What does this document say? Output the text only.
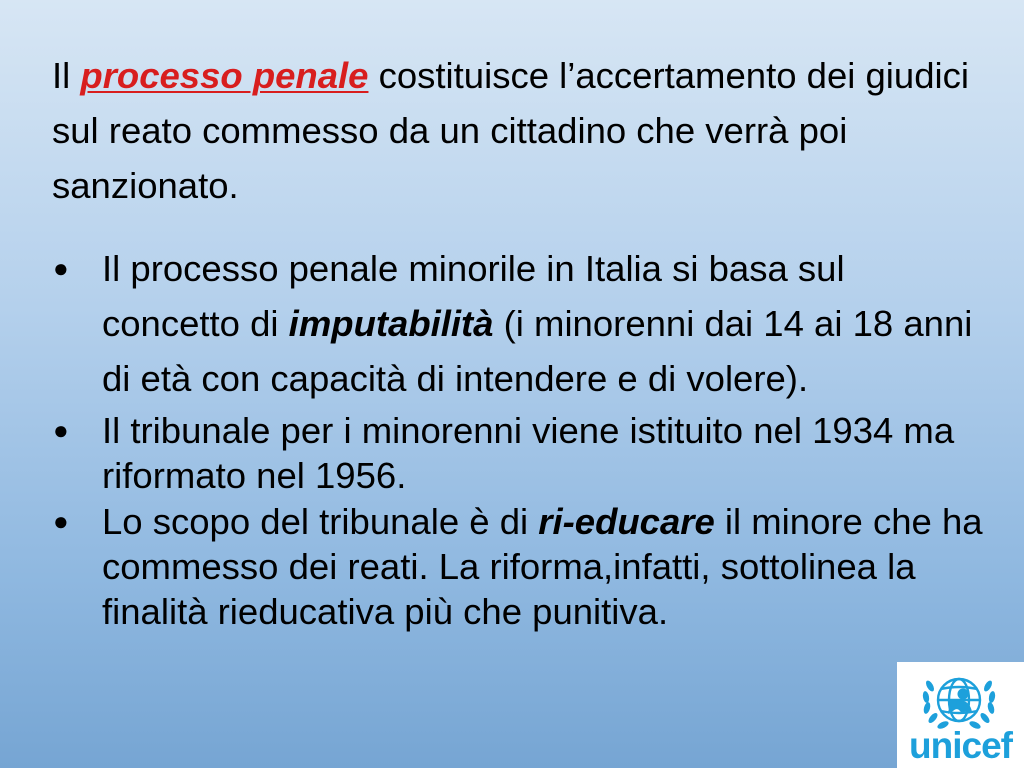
Il processo penale costituisce l’accertamento dei giudici sul reato commesso da un cittadino che verrà poi sanzionato.

● Il processo penale minorile in Italia si basa sul concetto di imputabilità (i minorenni dai 14 ai 18 anni di età con capacità di intendere e di volere).
● Il tribunale per i minorenni viene istituito nel 1934 ma riformato nel 1956.
● Lo scopo del tribunale è di ri-educare il minore che ha commesso dei reati. La riforma,infatti, sottolinea la finalità rieducativa più che punitiva.
unicef
